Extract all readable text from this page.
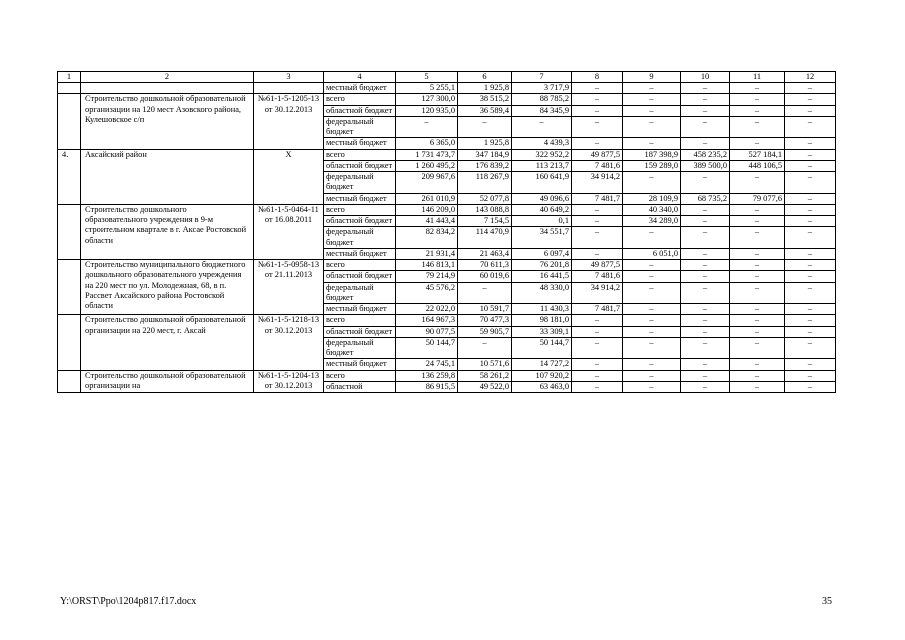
1	2	3	4	5	6	7	8	9	10	11	12
			местный бюджет	5 255,1	1 925,8	3 717,9	–	–	–	–	–
	Строительство дошкольной образовательной организации на 120 мест Азовского района, Кулешовское с/п	№61-1-5-1205-13 от 30.12.2013	всего	127 300,0	38 515,2	88 785,2	–	–	–	–	–
			областной бюджет	120 935,0	36 589,4	84 345,9	–	–	–	–	–
			федеральный бюджет	–	–	–	–	–	–	–	–
			местный бюджет	6 365,0	1 925,8	4 439,3	–	–	–	–	–
4.	Аксайский район	Х	всего	1 731 473,7	347 184,9	322 952,2	49 877,5	187 398,9	458 235,2	527 184,1	–
			областной бюджет	1 260 495,2	176 839,2	113 213,7	7 481,6	159 289,0	389 500,0	448 106,5	–
			федеральный бюджет	209 967,6	118 267,9	160 641,9	34 914,2	–	–	–	–
			местный бюджет	261 010,9	52 077,8	49 096,6	7 481,7	28 109,9	68 735,2	79 077,6	–
	Строительство дошкольного образовательного учреждения в 9-м строительном квартале в г. Аксае Ростовской области	№61-1-5-0464-11 от 16.08.2011	всего	146 209,0	143 088,8	40 649,2	–	40 340,0	–	–	–
			областной бюджет	41 443,4	7 154,5	0,1	–	34 289,0	–	–	–
			федеральный бюджет	82 834,2	114 470,9	34 551,7	–	–	–	–	–
			местный бюджет	21 931,4	21 463,4	6 097,4	–	6 051,0	–	–	–
	Строительство муниципального бюджетного дошкольного образовательного учреждения на 220 мест по ул. Молодежная, 68, в п. Рассвет Аксайского района Ростовской области	№61-1-5-0958-13 от 21.11.2013	всего	146 813,1	70 611,3	76 201,8	49 877,5	–	–	–	–
			областной бюджет	79 214,9	60 019,6	16 441,5	7 481,6	–	–	–	–
			федеральный бюджет	45 576,2	–	48 330,0	34 914,2	–	–	–	–
			местный бюджет	22 022,0	10 591,7	11 430,3	7 481,7	–	–	–	–
	Строительство дошкольной образовательной организации на 220 мест, г. Аксай	№61-1-5-1218-13 от 30.12.2013	всего	164 967,3	70 477,3	98 181,0	–	–	–	–	–
			областной бюджет	90 077,5	59 905,7	33 309,1	–	–	–	–	–
			федеральный бюджет	50 144,7	–	50 144,7	–	–	–	–	–
			местный бюджет	24 745,1	10 571,6	14 727,2	–	–	–	–	–
	Строительство дошкольной образовательной организации на	№61-1-5-1204-13 от 30.12.2013	всего	136 259,8	58 261,2	107 920,2	–	–	–	–	–
			областной	86 915,5	49 522,0	63 463,0	–	–	–	–	–
Y:\ORST\Ppo\1204p817.f17.docx	35
